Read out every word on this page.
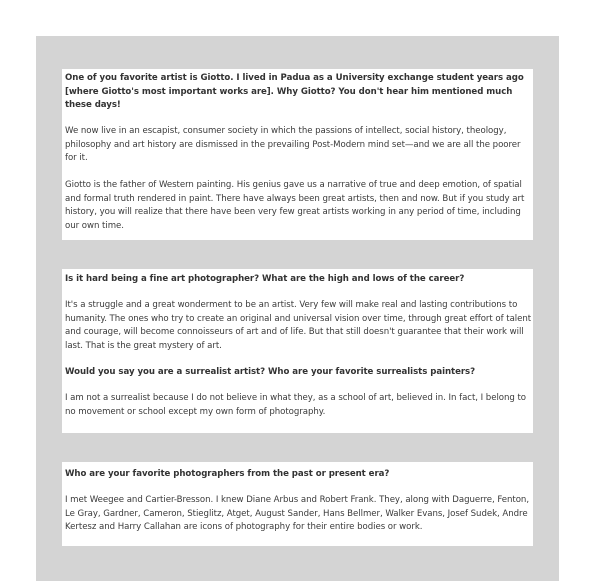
One of you favorite artist is Giotto. I lived in Padua as a University exchange student years ago [where Giotto's most important works are]. Why Giotto? You don't hear him mentioned much these days!

We now live in an escapist, consumer society in which the passions of intellect, social history, theology, philosophy and art history are dismissed in the prevailing Post-Modern mind set—and we are all the poorer for it.

Giotto is the father of Western painting. His genius gave us a narrative of true and deep emotion, of spatial and formal truth rendered in paint. There have always been great artists, then and now. But if you study art history, you will realize that there have been very few great artists working in any period of time, including our own time.

Is it hard being a fine art photographer? What are the high and lows of the career?

It's a struggle and a great wonderment to be an artist. Very few will make real and lasting contributions to humanity. The ones who try to create an original and universal vision over time, through great effort of talent and courage, will become connoisseurs of art and of life. But that still doesn't guarantee that their work will last. That is the great mystery of art.

Would you say you are a surrealist artist? Who are your favorite surrealists painters?

I am not a surrealist because I do not believe in what they, as a school of art, believed in. In fact, I belong to no movement or school except my own form of photography.

Who are your favorite photographers from the past or present era?

I met Weegee and Cartier-Bresson. I knew Diane Arbus and Robert Frank. They, along with Daguerre, Fenton, Le Gray, Gardner, Cameron, Stieglitz, Atget, August Sander, Hans Bellmer, Walker Evans, Josef Sudek, Andre Kertesz and Harry Callahan are icons of photography for their entire bodies or work.
